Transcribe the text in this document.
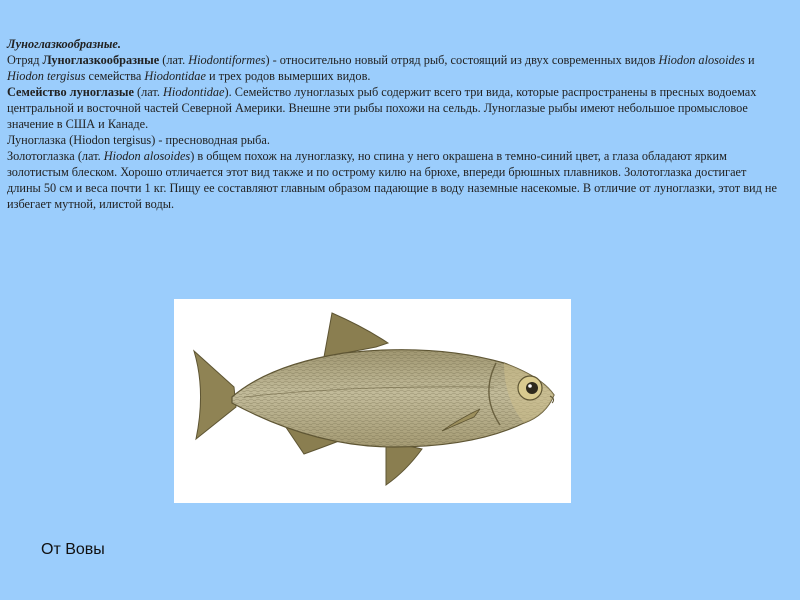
Луноглазкообразные.

Отряд Луноглазкообразные (лат. Hiodontiformes) - относительно новый отряд рыб, состоящий из двух современных видов Hiodon alosoides и Hiodon tergisus семейства Hiodontidae и трех родов вымерших видов.

Семейство луноглазые (лат. Hiodontidae). Семейство луноглазых рыб содержит всего три вида, которые распространены в пресных водоемах центральной и восточной частей Северной Америки. Внешне эти рыбы похожи на сельдь. Луноглазые рыбы имеют небольшое промысловое значение в США и Канаде.

Луноглазка (Hiodon tergisus) - пресноводная рыба.

Золотоглазка (лат. Hiodon alosoides) в общем похож на луноглазку, но спина у него окрашена в темно-синий цвет, а глаза обладают ярким золотистым блеском. Хорошо отличается этот вид также и по острому килю на брюхе, впереди брюшных плавников. Золотоглазка достигает длины 50 см и веса почти 1 кг. Пищу ее составляют главным образом падающие в воду наземные насекомые. В отличие от луноглазки, этот вид не избегает мутной, илистой воды.

От Вовы
